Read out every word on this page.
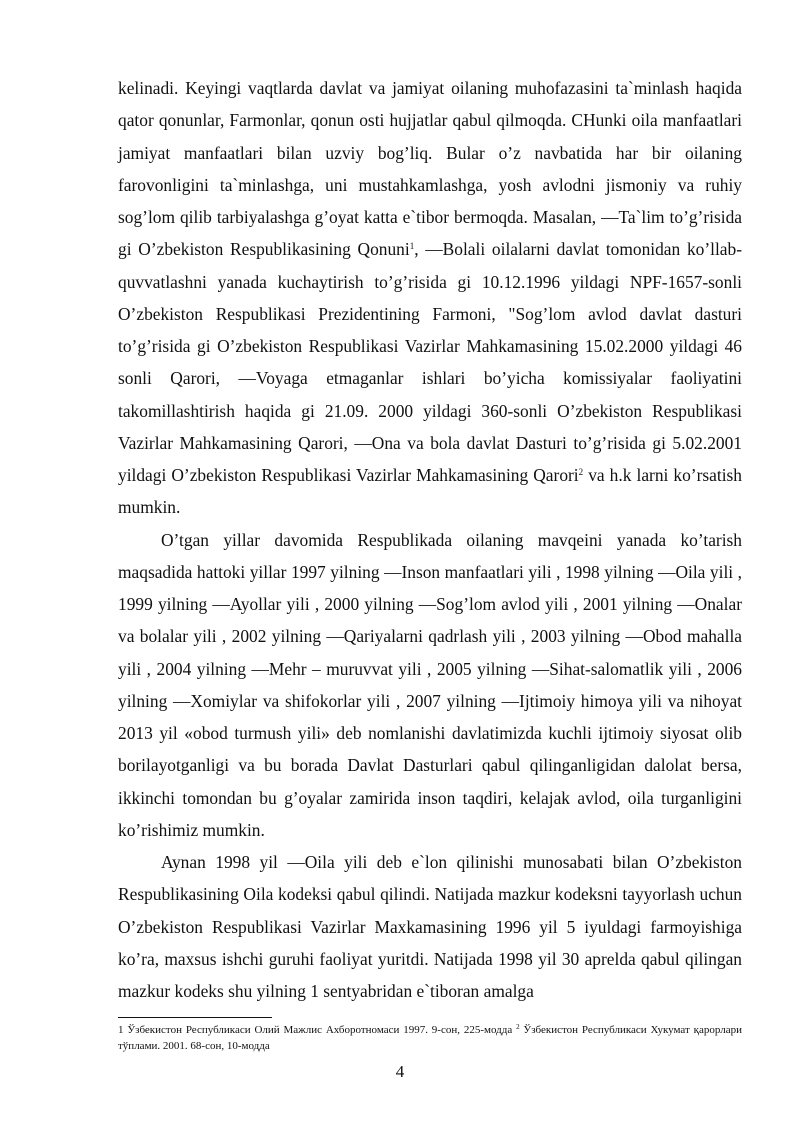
kelinadi. Keyingi vaqtlarda davlat va jamiyat oilaning muhofazasini ta`minlash haqida qator qonunlar, Farmonlar, qonun osti hujjatlar qabul qilmoqda. CHunki oila manfaatlari jamiyat manfaatlari bilan uzviy bog’liq. Bular o’z navbatida har bir oilaning farovonligini ta`minlashga, uni mustahkamlashga, yosh avlodni jismoniy va ruhiy sog’lom qilib tarbiyalashga g’oyat katta e`tibor bermoqda. Masalan, ―Ta`lim to’g’risida gi O’zbekiston Respublikasining Qonuni$^1$, ―Bolali oilalarni davlat tomonidan ko’llab-quvvatlashni yanada kuchaytirish to’g’risida gi 10.12.1996 yildagi NPF-1657-sonli O’zbekiston Respublikasi Prezidentining Farmoni, "Sog’lom avlod davlat dasturi to’g’risida gi O’zbekiston Respublikasi Vazirlar Mahkamasining 15.02.2000 yildagi 46 sonli Qarori, ―Voyaga etmaganlar ishlari bo’yicha komissiyalar faoliyatini takomillashtirish haqida gi 21.09. 2000 yildagi 360-sonli O’zbekiston Respublikasi Vazirlar Mahkamasining Qarori, ―Ona va bola davlat Dasturi to’g’risida gi 5.02.2001 yildagi O’zbekiston Respublikasi Vazirlar Mahkamasining Qarori$^2$ va h.k larni ko’rsatish mumkin.

O’tgan yillar davomida Respublikada oilaning mavqeini yanada ko’tarish maqsadida hattoki yillar 1997 yilning ―Inson manfaatlari yili , 1998 yilning ―Oila yili , 1999 yilning ―Ayollar yili , 2000 yilning ―Sog’lom avlod yili , 2001 yilning ―Onalar va bolalar yili , 2002 yilning ―Qariyalarni qadrlash yili , 2003 yilning ―Obod mahalla yili , 2004 yilning ―Mehr – muruvvat yili , 2005 yilning ―Sihat-salomatlik yili , 2006 yilning ―Xomiylar va shifokorlar yili , 2007 yilning ―Ijtimoiy himoya yili va nihoyat 2013 yil «obod turmush yili» deb nomlanishi davlatimizda kuchli ijtimoiy siyosat olib borilayotganligi va bu borada Davlat Dasturlari qabul qilinganligidan dalolat bersa, ikkinchi tomondan bu g’oyalar zamirida inson taqdiri, kelajak avlod, oila turganligini ko’rishimiz mumkin.

Aynan 1998 yil ―Oila yili deb e`lon qilinishi munosabati bilan O’zbekiston Respublikasining Oila kodeksi qabul qilindi. Natijada mazkur kodeksni tayyorlash uchun O’zbekiston Respublikasi Vazirlar Maxkamasining 1996 yil 5 iyuldagi farmoyishiga ko’ra, maxsus ishchi guruhi faoliyat yuritdi. Natijada 1998 yil 30 aprelda qabul qilingan mazkur kodeks shu yilning 1 sentyabridan e`tiboran amalga

1 Ўзбекистон Республикаси Олий Мажлис Ахборотномаси 1997. 9-сон, 225-модда $^2$ Ўзбекистон Республикаси Хукумат қарорлари тўплами. 2001. 68-сон, 10-модда
4
